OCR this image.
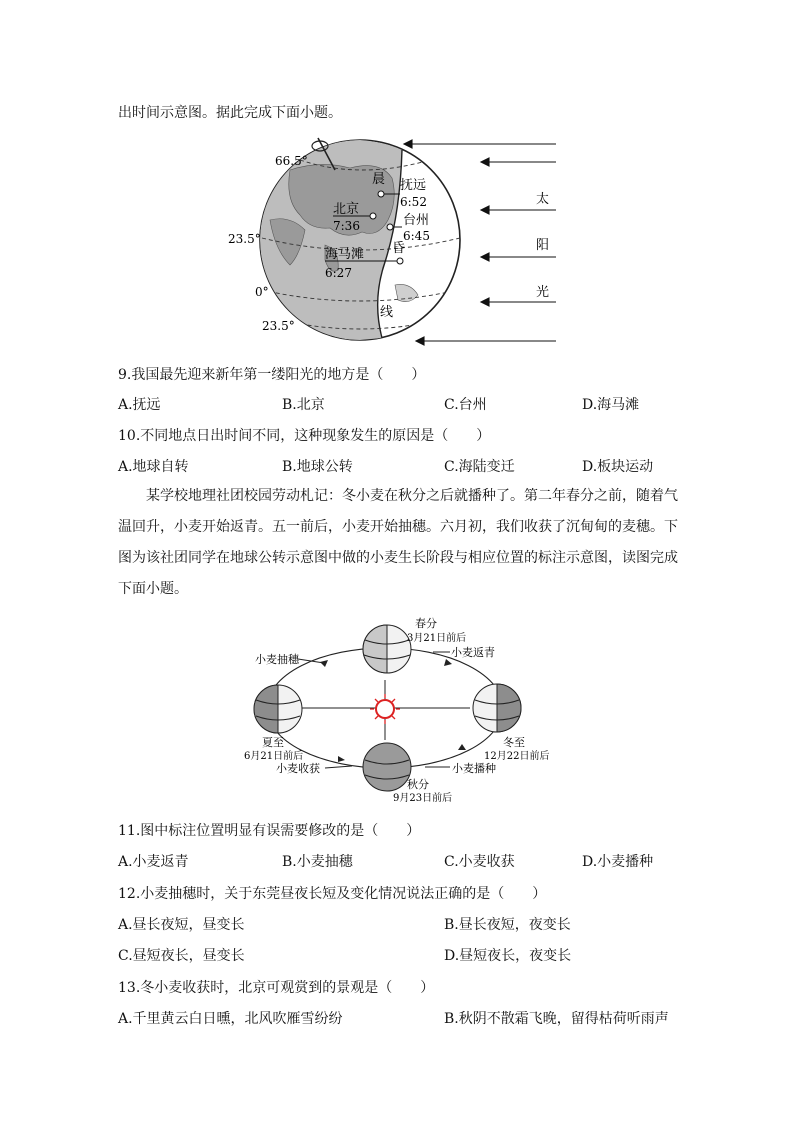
出时间示意图。据此完成下面小题。
66.5°
23.5°
0°
23.5°
晨
昏
线
抚远
6:52
北京
7:36	台州
6:45
海马滩
6:27
太
阳
光
9.我国最先迎来新年第一缕阳光的地方是（　　）
A.抚远	B.北京	C.台州	D.海马滩
10.不同地点日出时间不同，这种现象发生的原因是（　　）
A.地球自转	B.地球公转	C.海陆变迁	D.板块运动
某学校地理社团校园劳动札记：冬小麦在秋分之后就播种了。第二年春分之前，随着气温回升，小麦开始返青。五一前后，小麦开始抽穗。六月初，我们收获了沉甸甸的麦穗。下图为该社团同学在地球公转示意图中做的小麦生长阶段与相应位置的标注示意图，读图完成下面小题。
春分
3月21日前后
小麦抽穗
小麦返青
夏至
6月21日前后
冬至
12月22日前后
小麦收获	小麦播种
秋分
9月23日前后
11.图中标注位置明显有误需要修改的是（　　）
A.小麦返青	B.小麦抽穗	C.小麦收获	D.小麦播种
12.小麦抽穗时，关于东莞昼夜长短及变化情况说法正确的是（　　）
A.昼长夜短，昼变长	B.昼长夜短，夜变长
C.昼短夜长，昼变长	D.昼短夜长，夜变长
13.冬小麦收获时，北京可观赏到的景观是（　　）
A.千里黄云白日曛，北风吹雁雪纷纷	B.秋阴不散霜飞晚，留得枯荷听雨声
